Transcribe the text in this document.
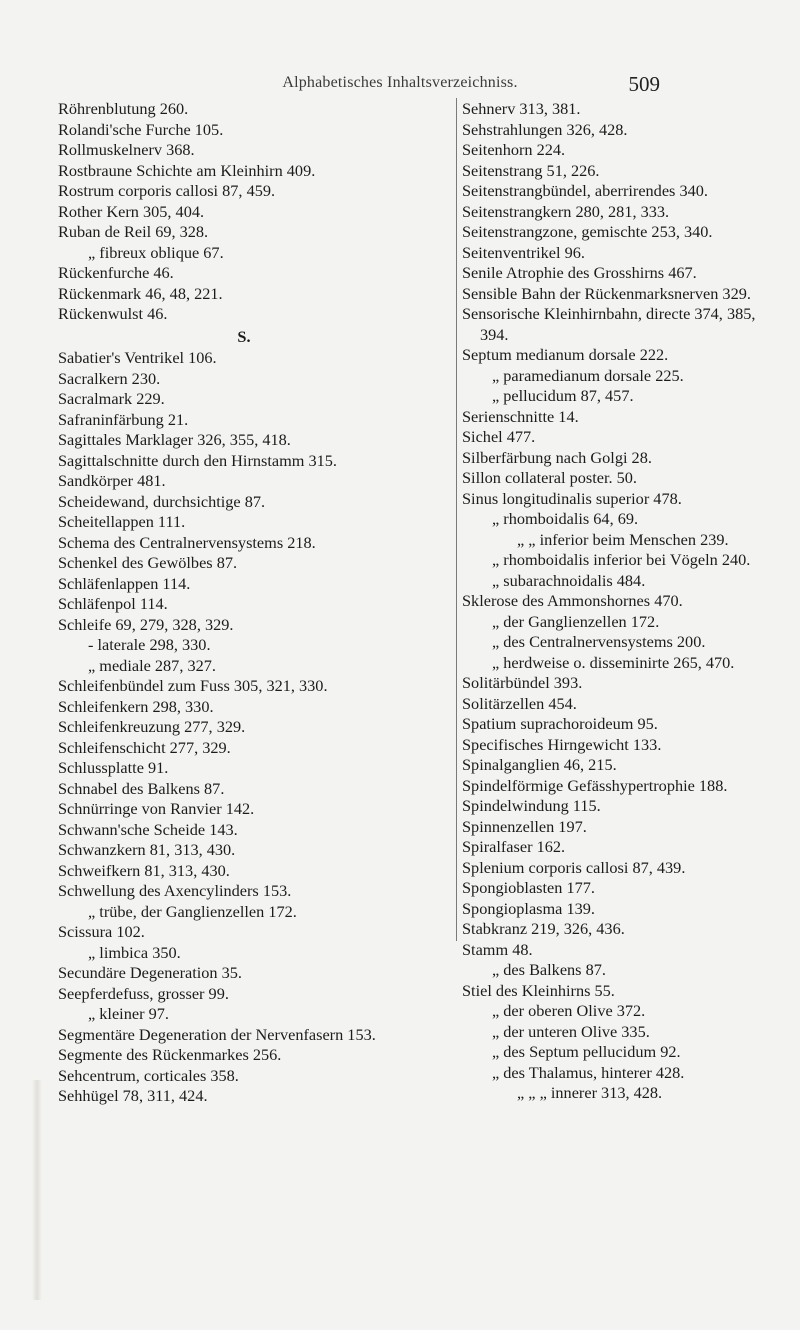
Alphabetisches Inhaltsverzeichniss.	509
Röhrenblutung 260.
Rolandi'sche Furche 105.
Rollmuskelnerv 368.
Rostbraune Schichte am Kleinhirn 409.
Rostrum corporis callosi 87, 459.
Rother Kern 305, 404.
Ruban de Reil 69, 328.
„ fibreux oblique 67.
Rückenfurche 46.
Rückenmark 46, 48, 221.
Rückenwulst 46.
S.
Sabatier's Ventrikel 106.
Sacralkern 230.
Sacralmark 229.
Safraninfärbung 21.
Sagittales Marklager 326, 355, 418.
Sagittalschnitte durch den Hirnstamm 315.
Sandkörper 481.
Scheidewand, durchsichtige 87.
Scheitellappen 111.
Schema des Centralnervensystems 218.
Schenkel des Gewölbes 87.
Schläfenlappen 114.
Schläfenpol 114.
Schleife 69, 279, 328, 329.
- laterale 298, 330.
„ mediale 287, 327.
Schleifenbündel zum Fuss 305, 321, 330.
Schleifenkern 298, 330.
Schleifenkreuzung 277, 329.
Schleifenschicht 277, 329.
Schlussplatte 91.
Schnabel des Balkens 87.
Schnürringe von Ranvier 142.
Schwann'sche Scheide 143.
Schwanzkern 81, 313, 430.
Schweifkern 81, 313, 430.
Schwellung des Axencylinders 153.
„ trübe, der Ganglienzellen 172.
Scissura 102.
„ limbica 350.
Secundäre Degeneration 35.
Seepferdefuss, grosser 99.
„ kleiner 97.
Segmentäre Degeneration der Nervenfasern 153.
Segmente des Rückenmarkes 256.
Sehcentrum, corticales 358.
Sehhügel 78, 311, 424.
Sehnerv 313, 381.
Sehstrahlungen 326, 428.
Seitenhorn 224.
Seitenstrang 51, 226.
Seitenstrangbündel, aberrirendes 340.
Seitenstrangkern 280, 281, 333.
Seitenstrangzone, gemischte 253, 340.
Seitenventrikel 96.
Senile Atrophie des Grosshirns 467.
Sensible Bahn der Rückenmarksnerven 329.
Sensorische Kleinhirnbahn, directe 374, 385, 394.
Septum medianum dorsale 222.
„ paramedianum dorsale 225.
„ pellucidum 87, 457.
Serienschnitte 14.
Sichel 477.
Silberfärbung nach Golgi 28.
Sillon collateral poster. 50.
Sinus longitudinalis superior 478.
„ rhomboidalis 64, 69.
„ „ inferior beim Menschen 239.
„ rhomboidalis inferior bei Vögeln 240.
„ subarachnoidalis 484.
Sklerose des Ammonshornes 470.
„ der Ganglienzellen 172.
„ des Centralnervensystems 200.
„ herdweise o. disseminirte 265, 470.
Solitärbündel 393.
Solitärzellen 454.
Spatium suprachoroideum 95.
Specifisches Hirngewicht 133.
Spinalganglien 46, 215.
Spindelförmige Gefässhypertrophie 188.
Spindelwindung 115.
Spinnenzellen 197.
Spiralfaser 162.
Splenium corporis callosi 87, 439.
Spongioblasten 177.
Spongioplasma 139.
Stabkranz 219, 326, 436.
Stamm 48.
„ des Balkens 87.
Stiel des Kleinhirns 55.
„ der oberen Olive 372.
„ der unteren Olive 335.
„ des Septum pellucidum 92.
„ des Thalamus, hinterer 428.
„ „ „ innerer 313, 428.
